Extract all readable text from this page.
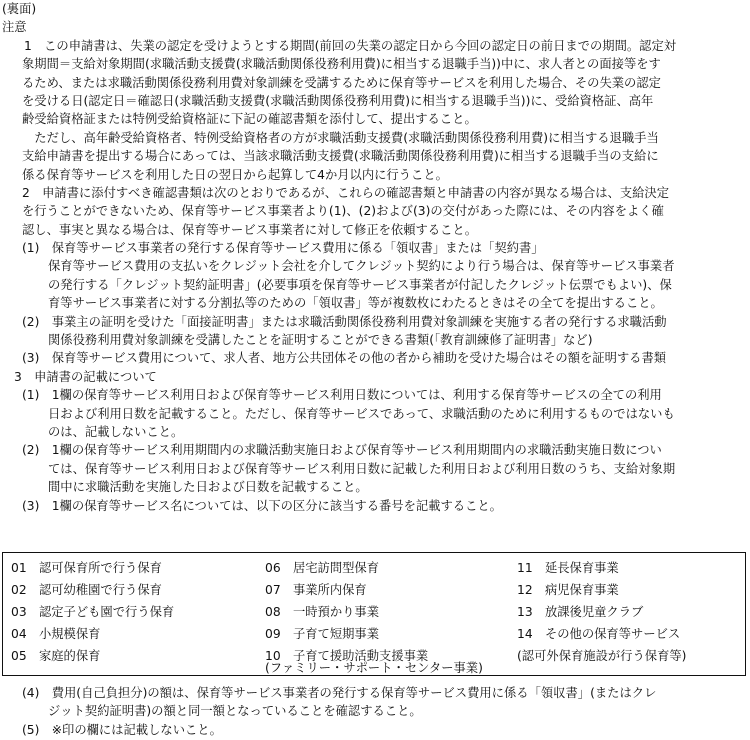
(裏面)
注意
1　この申請書は、失業の認定を受けようとする期間(前回の失業の認定日から今回の認定日の前日までの期間。認定対
象期間＝支給対象期間(求職活動支援費(求職活動関係役務利用費)に相当する退職手当))中に、求人者との面接等をす
るため、または求職活動関係役務利用費対象訓練を受講するために保育等サービスを利用した場合、その失業の認定
を受ける日(認定日＝確認日(求職活動支援費(求職活動関係役務利用費)に相当する退職手当))に、受給資格証、高年
齢受給資格証または特例受給資格証に下記の確認書類を添付して、提出すること。
　ただし、高年齢受給資格者、特例受給資格者の方が求職活動支援費(求職活動関係役務利用費)に相当する退職手当
支給申請書を提出する場合にあっては、当該求職活動支援費(求職活動関係役務利用費)に相当する退職手当の支給に
係る保育等サービスを利用した日の翌日から起算して4か月以内に行うこと。
2　申請書に添付すべき確認書類は次のとおりであるが、これらの確認書類と申請書の内容が異なる場合は、支給決定
を行うことができないため、保育等サービス事業者より(1)、(2)および(3)の交付があった際には、その内容をよく確
認し、事実と異なる場合は、保育等サービス事業者に対して修正を依頼すること。
(1)　保育等サービス事業者の発行する保育等サービス費用に係る「領収書」または「契約書」
保育等サービス費用の支払いをクレジット会社を介してクレジット契約により行う場合は、保育等サービス事業者
の発行する「クレジット契約証明書」(必要事項を保育等サービス事業者が付記したクレジット伝票でもよい)、保
育等サービス事業者に対する分割払等のための「領収書」等が複数枚にわたるときはその全てを提出すること。
(2)　事業主の証明を受けた「面接証明書」または求職活動関係役務利用費対象訓練を実施する者の発行する求職活動
関係役務利用費対象訓練を受講したことを証明することができる書類(「教育訓練修了証明書」など)
(3)　保育等サービス費用について、求人者、地方公共団体その他の者から補助を受けた場合はその額を証明する書類
3　申請書の記載について
(1)　1欄の保育等サービス利用日および保育等サービス利用日数については、利用する保育等サービスの全ての利用
日および利用日数を記載すること。ただし、保育等サービスであって、求職活動のために利用するものではないも
のは、記載しないこと。
(2)　1欄の保育等サービス利用期間内の求職活動実施日および保育等サービス利用期間内の求職活動実施日数につい
ては、保育等サービス利用日および保育等サービス利用日数に記載した利用日および利用日数のうち、支給対象期
間中に求職活動を実施した日および日数を記載すること。
(3)　1欄の保育等サービス名については、以下の区分に該当する番号を記載すること。
01　認可保育所で行う保育
02　認可幼稚園で行う保育
03　認定子ども園で行う保育
04　小規模保育
05　家庭的保育
06　居宅訪問型保育
07　事業所内保育
08　一時預かり事業
09　子育て短期事業
10　子育て援助活動支援事業
(ファミリー・サポート・センター事業)
11　延長保育事業
12　病児保育事業
13　放課後児童クラブ
14　その他の保育等サービス
(認可外保育施設が行う保育等)
(4)　費用(自己負担分)の額は、保育等サービス事業者の発行する保育等サービス費用に係る「領収書」(またはクレ
ジット契約証明書)の額と同一額となっていることを確認すること。
(5)　※印の欄には記載しないこと。
